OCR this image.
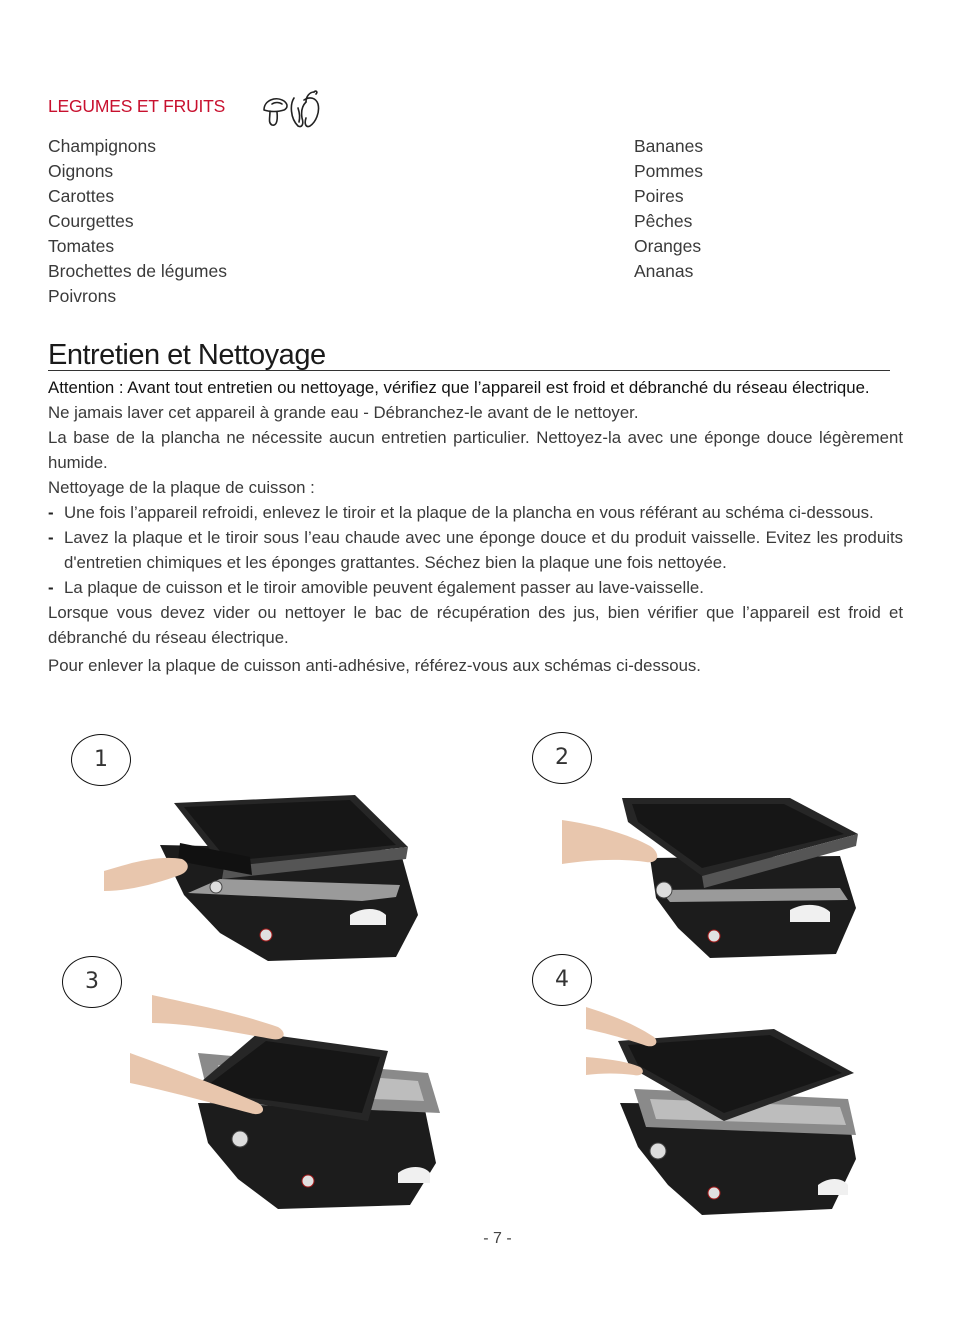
LEGUMES ET FRUITS
Champignons
Oignons
Carottes
Courgettes
Tomates
Brochettes de légumes
Poivrons
Bananes
Pommes
Poires
Pêches
Oranges
Ananas
Entretien et Nettoyage

Attention : Avant tout entretien ou nettoyage, vérifiez que l’appareil est froid et débranché du réseau électrique.

Ne jamais laver cet appareil à grande eau - Débranchez-le avant de le nettoyer.

La base de la plancha ne nécessite aucun entretien particulier. Nettoyez-la avec une éponge douce légèrement humide.

Nettoyage de la plaque de cuisson :

- Une fois l’appareil refroidi, enlevez le tiroir et la plaque de la plancha en vous référant au schéma ci-dessous.
- Lavez la plaque et le tiroir sous l’eau chaude avec une éponge douce et du produit vaisselle. Evitez les produits d'entretien chimiques et les éponges grattantes. Séchez bien la plaque une fois nettoyée.
- La plaque de cuisson et le tiroir amovible peuvent également passer au lave-vaisselle.

Lorsque vous devez vider ou nettoyer le bac de récupération des jus, bien vérifier que l’appareil est froid et débranché du réseau électrique.

Pour enlever la plaque de cuisson anti-adhésive, référez-vous aux schémas ci-dessous.

1	2
3	4
- 7 -
